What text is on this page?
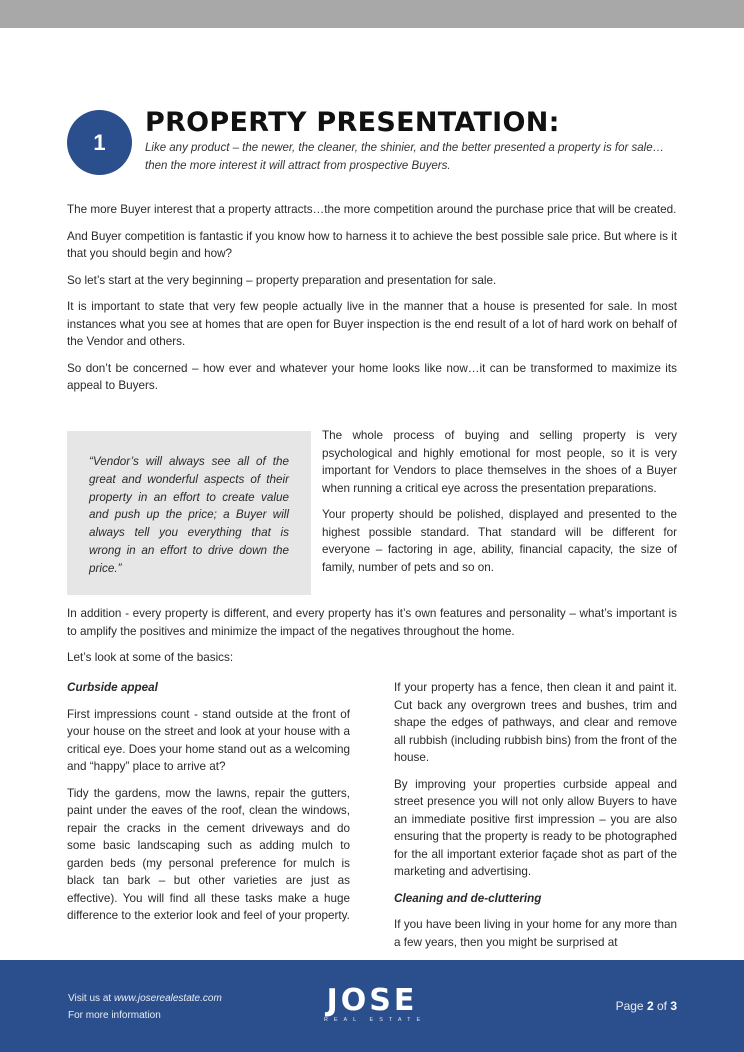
1
PROPERTY PRESENTATION:
Like any product – the newer, the cleaner, the shinier, and the better presented a property is for sale…then the more interest it will attract from prospective Buyers.

The more Buyer interest that a property attracts…the more competition around the purchase price that will be created.

And Buyer competition is fantastic if you know how to harness it to achieve the best possible sale price. But where is it that you should begin and how?

So let’s start at the very beginning – property preparation and presentation for sale.

It is important to state that very few people actually live in the manner that a house is presented for sale. In most instances what you see at homes that are open for Buyer inspection is the end result of a lot of hard work on behalf of the Vendor and others.

So don’t be concerned – how ever and whatever your home looks like now…it can be transformed to maximize its appeal to Buyers.

“Vendor’s will always see all of the great and wonderful aspects of their property in an effort to create value and push up the price; a Buyer will always tell you everything that is wrong in an effort to drive down the price.”

The whole process of buying and selling property is very psychological and highly emotional for most people, so it is very important for Vendors to place themselves in the shoes of a Buyer when running a critical eye across the presentation preparations.

Your property should be polished, displayed and presented to the highest possible standard. That standard will be different for everyone – factoring in age, ability, financial capacity, the size of family, number of pets and so on.

In addition - every property is different, and every property has it’s own features and personality – what’s important is to amplify the positives and minimize the impact of the negatives throughout the home.

Let’s look at some of the basics:

Curbside appeal

First impressions count - stand outside at the front of your house on the street and look at your house with a critical eye. Does your home stand out as a welcoming and “happy” place to arrive at?

Tidy the gardens, mow the lawns, repair the gutters, paint under the eaves of the roof, clean the windows, repair the cracks in the cement driveways and do some basic landscaping such as adding mulch to garden beds (my personal preference for mulch is black tan bark – but other varieties are just as effective). You will find all these tasks make a huge difference to the exterior look and feel of your property.

If your property has a fence, then clean it and paint it. Cut back any overgrown trees and bushes, trim and shape the edges of pathways, and clear and remove all rubbish (including rubbish bins) from the front of the house.

By improving your properties curbside appeal and street presence you will not only allow Buyers to have an immediate positive first impression – you are also ensuring that the property is ready to be photographed for the all important exterior façade shot as part of the marketing and advertising.

Cleaning and de-cluttering

If you have been living in your home for any more than a few years, then you might be surprised at

Visit us at www.joserealestate.com
For more information	JOSE
REAL ESTATE
Page 2 of 3
